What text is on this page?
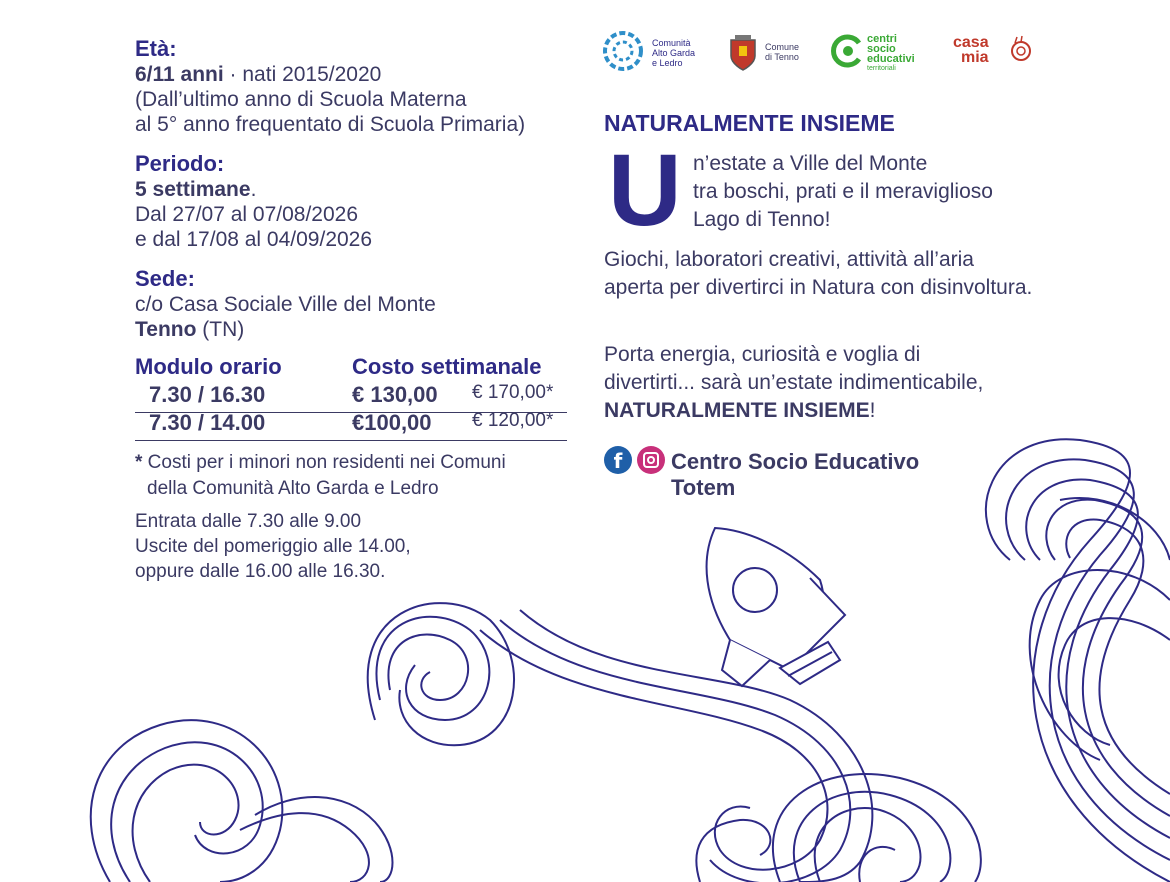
Età:
6/11 anni · nati 2015/2020
(Dall’ultimo anno di Scuola Materna
al 5° anno frequentato di Scuola Primaria)
Periodo:
5 settimane.
Dal 27/07 al 07/08/2026
e dal 17/08 al 04/09/2026
Sede:
c/o Casa Sociale Ville del Monte
Tenno (TN)
Modulo orario	Costo settimanale
7.30 / 16.30	€ 130,00 € 170,00*
7.30 / 14.00	€100,00 € 120,00*
* Costi per i minori non residenti nei Comuni
della Comunità Alto Garda e Ledro
Entrata dalle 7.30 alle 9.00
Uscite del pomeriggio alle 14.00,
oppure dalle 16.00 alle 16.30.
Comunità
Alto Garda
e Ledro
Comune
di Tenno
centri
socio
educativi
territoriali
casa
mia
NATURALMENTE INSIEME
U n’estate a Ville del Monte
tra boschi, prati e il meraviglioso
Lago di Tenno!
Giochi, laboratori creativi, attività all’aria aperta per divertirci in Natura con disinvoltura.
Porta energia, curiosità e voglia di
divertirti... sarà un’estate indimenticabile,
NATURALMENTE INSIEME!
f	Centro Socio Educativo
Totem
